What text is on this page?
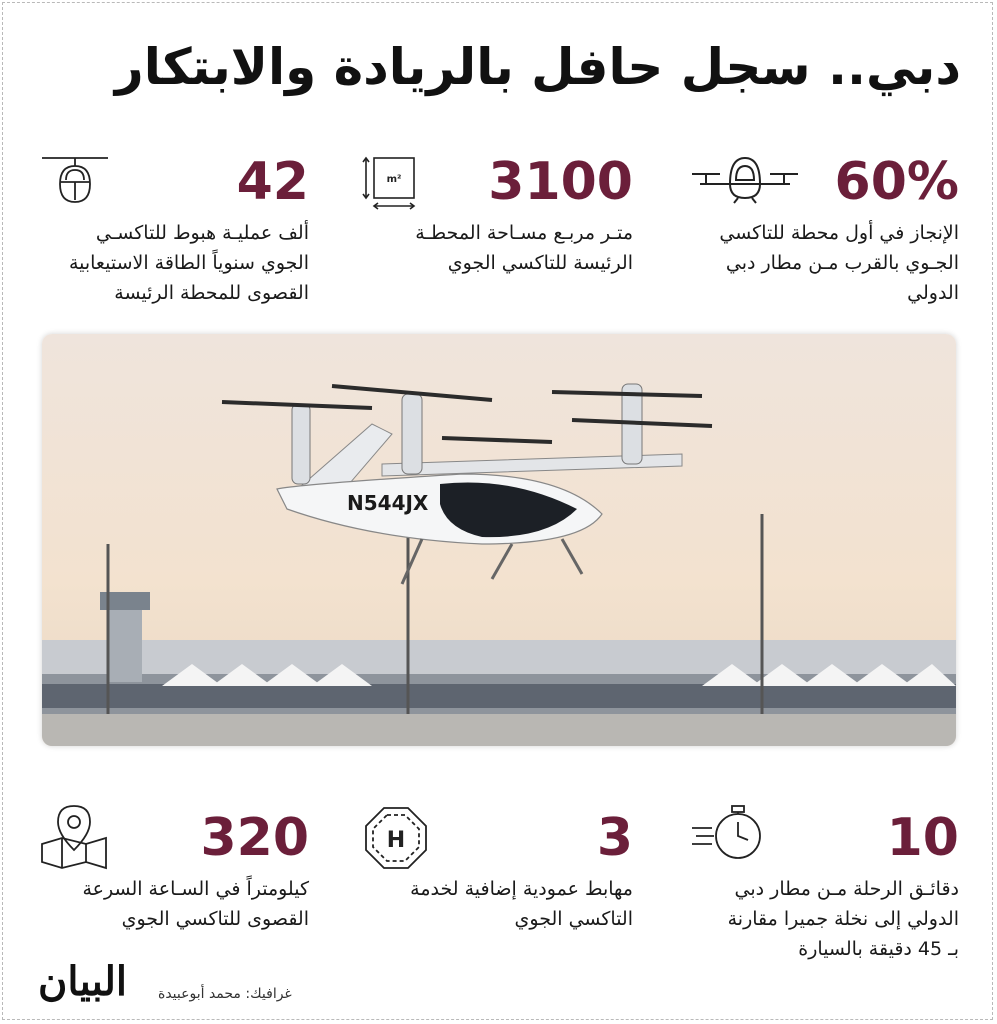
دبي.. سجل حافل بالريادة والابتكار
60%
الإنجاز في أول محطة للتاكسي
الجـوي بالقرب مـن مطار دبي
الدولي
3100
متـر مربـع مسـاحة المحطـة
الرئيسة للتاكسي الجوي
m²
42
ألف عمليـة هبوط للتاكسـي
الجوي سنوياً الطاقة الاستيعابية
القصوى للمحطة الرئيسة
N544JX
10
دقائـق الرحلة مـن مطار دبي
الدولي إلى نخلة جميرا مقارنة
بـ 45 دقيقة بالسيارة
3
مهابط عمودية إضافية لخدمة
التاكسي الجوي
H
320
كيلومتراً في السـاعة السرعة
القصوى للتاكسي الجوي
غرافيك: محمد أبوعبيدة
البيان
